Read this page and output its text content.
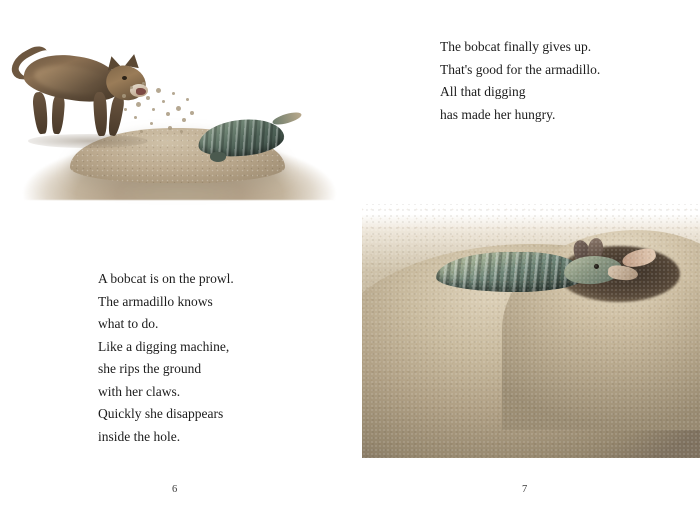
A bobcat is on the prowl.
The armadillo knows
what to do.
Like a digging machine,
she rips the ground
with her claws.
Quickly she disappears
inside the hole.
6
The bobcat finally gives up.
That's good for the armadillo.
All that digging
has made her hungry.
7
